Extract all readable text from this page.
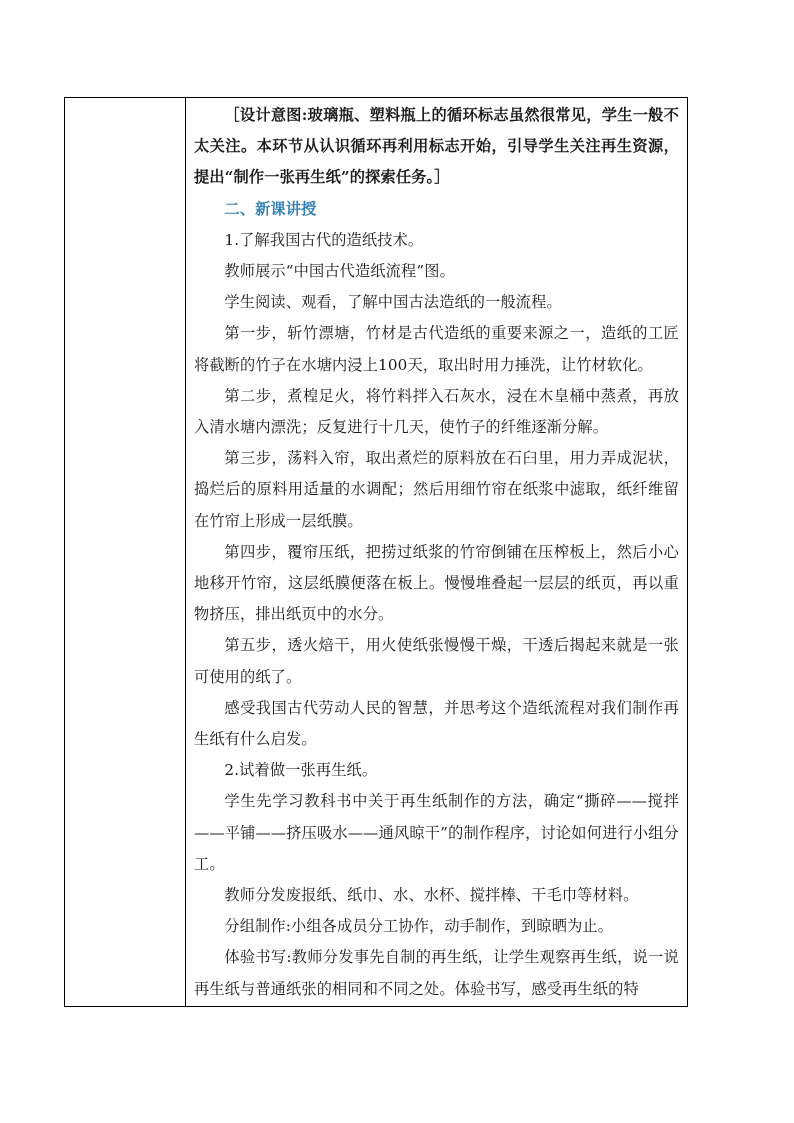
［设计意图:玻璃瓶、塑料瓶上的循环标志虽然很常见，学生一般不太关注。本环节从认识循环再利用标志开始，引导学生关注再生资源，提出“制作一张再生纸”的探索任务。］

二、新课讲授

1.了解我国古代的造纸技术。

教师展示“中国古代造纸流程”图。

学生阅读、观看，了解中国古法造纸的一般流程。

第一步，斩竹漂塘，竹材是古代造纸的重要来源之一，造纸的工匠将截断的竹子在水塘内浸上100天，取出时用力捶洗，让竹材软化。

第二步，煮楻足火，将竹料拌入石灰水，浸在木皇桶中蒸煮，再放入清水塘内漂洗；反复进行十几天，使竹子的纤维逐渐分解。

第三步，荡料入帘，取出煮烂的原料放在石臼里，用力弄成泥状，捣烂后的原料用适量的水调配；然后用细竹帘在纸浆中滤取，纸纤维留在竹帘上形成一层纸膜。

第四步，覆帘压纸，把捞过纸浆的竹帘倒铺在压榨板上，然后小心地移开竹帘，这层纸膜便落在板上。慢慢堆叠起一层层的纸页，再以重物挤压，排出纸页中的水分。

第五步，透火焙干，用火使纸张慢慢干燥，干透后揭起来就是一张可使用的纸了。

感受我国古代劳动人民的智慧，并思考这个造纸流程对我们制作再生纸有什么启发。

2.试着做一张再生纸。

学生先学习教科书中关于再生纸制作的方法，确定“撕碎——搅拌——平铺——挤压吸水——通风晾干”的制作程序，讨论如何进行小组分工。

教师分发废报纸、纸巾、水、水杯、搅拌棒、干毛巾等材料。

分组制作:小组各成员分工协作，动手制作，到晾晒为止。

体验书写:教师分发事先自制的再生纸，让学生观察再生纸，说一说再生纸与普通纸张的相同和不同之处。体验书写，感受再生纸的特
